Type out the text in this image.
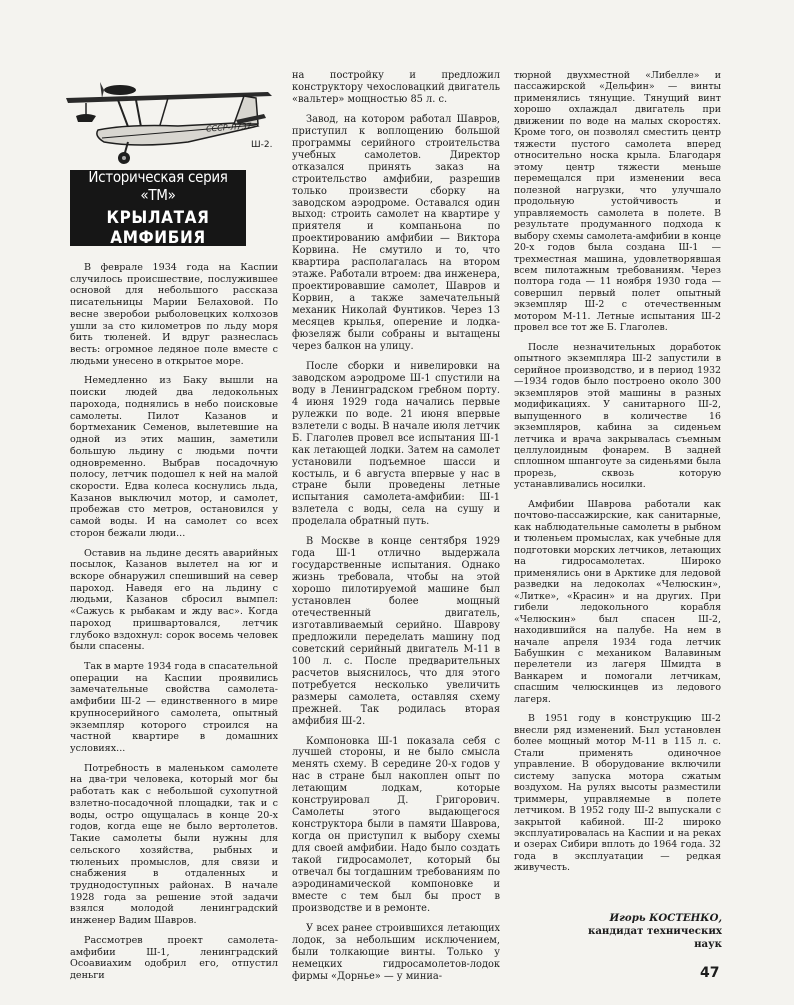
СССР-Л737
Ш-2.
Историческая серия «ТМ»
КРЫЛАТАЯ АМФИБИЯ

В феврале 1934 года на Каспии случилось происшествие, послужившее основой для небольшого рассказа писательницы Марии Белаховой. По весне зверобои рыболовецких колхозов ушли за сто километров по льду моря бить тюленей. И вдруг разнеслась весть: огромное ледяное поле вместе с людьми унесено в открытое море.

Немедленно из Баку вышли на поиски людей два ледокольных парохода, поднялись в небо поисковые самолеты. Пилот Казанов и бортмеханик Семенов, вылетевшие на одной из этих машин, заметили большую льдину с людьми почти одновременно. Выбрав посадочную полосу, летчик подошел к ней на малой скорости. Едва колеса коснулись льда, Казанов выключил мотор, и самолет, пробежав сто метров, остановился у самой воды. И на самолет со всех сторон бежали люди...

Оставив на льдине десять аварийных посылок, Казанов вылетел на юг и вскоре обнаружил спешивший на север пароход. Наведя его на льдину с людьми, Казанов сбросил вымпел: «Сажусь к рыбакам и жду вас». Когда пароход пришвартовался, летчик глубоко вздохнул: сорок восемь человек были спасены.

Так в марте 1934 года в спасательной операции на Каспии проявились замечательные свойства самолета-амфибии Ш-2 — единственного в мире крупносерийного самолета, опытный экземпляр которого строился на частной квартире в домашних условиях...

Потребность в маленьком самолете на два-три человека, который мог бы работать как с небольшой сухопутной взлетно-посадочной площадки, так и с воды, остро ощущалась в конце 20-х годов, когда еще не было вертолетов. Такие самолеты были нужны для сельского хозяйства, рыбных и тюленьих промыслов, для связи и снабжения в отдаленных и труднодоступных районах. В начале 1928 года за решение этой задачи взялся молодой ленинградский инженер Вадим Шавров.

Рассмотрев проект самолета-амфибии Ш-1, ленинградский Осоавиахим одобрил его, отпустил деньги

на постройку и предложил конструктору чехословацкий двигатель «вальтер» мощностью 85 л. с.

Завод, на котором работал Шавров, приступил к воплощению большой программы серийного строительства учебных самолетов. Директор отказался принять заказ на строительство амфибии, разрешив только произвести сборку на заводском аэродроме. Оставался один выход: строить самолет на квартире у приятеля и компаньона по проектированию амфибии — Виктора Корвина. Не смутило и то, что квартира располагалась на втором этаже. Работали втроем: два инженера, проектировавшие самолет, Шавров и Корвин, а также замечательный механик Николай Фунтиков. Через 13 месяцев крылья, оперение и лодка-фюзеляж были собраны и вытащены через балкон на улицу.

После сборки и нивелировки на заводском аэродроме Ш-1 спустили на воду в Ленинградском гребном порту. 4 июня 1929 года начались первые рулежки по воде. 21 июня впервые взлетели с воды. В начале июля летчик Б. Глаголев провел все испытания Ш-1 как летающей лодки. Затем на самолет установили подъемное шасси и костыль, и 6 августа впервые у нас в стране были проведены летные испытания самолета-амфибии: Ш-1 взлетела с воды, села на сушу и проделала обратный путь.

В Москве в конце сентября 1929 года Ш-1 отлично выдержала государственные испытания. Однако жизнь требовала, чтобы на этой хорошо пилотируемой машине был установлен более мощный отечественный двигатель, изготавливаемый серийно. Шаврову предложили переделать машину под советский серийный двигатель М-11 в 100 л. с. После предварительных расчетов выяснилось, что для этого потребуется несколько увеличить размеры самолета, оставляя схему прежней. Так родилась вторая амфибия Ш-2.

Компоновка Ш-1 показала себя с лучшей стороны, и не было смысла менять схему. В середине 20-х годов у нас в стране был накоплен опыт по летающим лодкам, которые конструировал Д. Григорович. Самолеты этого выдающегося конструктора были в памяти Шаврова, когда он приступил к выбору схемы для своей амфибии. Надо было создать такой гидросамолет, который бы отвечал бы тогдашним требованиям по аэродинамической компоновке и вместе с тем был бы прост в производстве и в ремонте.

У всех ранее строившихся летающих лодок, за небольшим исключением, были толкающие винты. Только у немецких гидросамолетов-лодок фирмы «Дорнье» — у миниа-

тюрной двухместной «Либелле» и пассажирской «Дельфин» — винты применялись тянущие. Тянущий винт хорошо охлаждал двигатель при движении по воде на малых скоростях. Кроме того, он позволял сместить центр тяжести пустого самолета вперед относительно носка крыла. Благодаря этому центр тяжести меньше перемещался при изменении веса полезной нагрузки, что улучшало продольную устойчивость и управляемость самолета в полете. В результате продуманного подхода к выбору схемы самолета-амфибии в конце 20-х годов была создана Ш-1 — трехместная машина, удовлетворявшая всем пилотажным требованиям. Через полтора года — 11 ноября 1930 года — совершил первый полет опытный экземпляр Ш-2 с отечественным мотором М-11. Летные испытания Ш-2 провел все тот же Б. Глаголев.

После незначительных доработок опытного экземпляра Ш-2 запустили в серийное производство, и в период 1932—1934 годов было построено около 300 экземпляров этой машины в разных модификациях. У санитарного Ш-2, выпущенного в количестве 16 экземпляров, кабина за сиденьем летчика и врача закрывалась съемным целлулоидным фонарем. В задней сплошном шпангоуте за сиденьями была прорезь, сквозь которую устанавливались носилки.

Амфибии Шаврова работали как почтово-пассажирские, как санитарные, как наблюдательные самолеты в рыбном и тюленьем промыслах, как учебные для подготовки морских летчиков, летающих на гидросамолетах. Широко применялись они в Арктике для ледовой разведки на ледоколах «Челюскин», «Литке», «Красин» и на других. При гибели ледокольного корабля «Челюскин» был спасен Ш-2, находившийся на палубе. На нем в начале апреля 1934 года летчик Бабушкин с механиком Валавиным перелетели из лагеря Шмидта в Ванкарем и помогали летчикам, спасшим челюскинцев из ледового лагеря.

В 1951 году в конструкцию Ш-2 внесли ряд изменений. Был установлен более мощный мотор М-11 в 115 л. с. Стали применять одиночное управление. В оборудование включили систему запуска мотора сжатым воздухом. На рулях высоты разместили триммеры, управляемые в полете летчиком. В 1952 году Ш-2 выпускали с закрытой кабиной. Ш-2 широко эксплуатировалась на Каспии и на реках и озерах Сибири вплоть до 1964 года. 32 года в эксплуатации — редкая живучесть.

Игорь КОСТЕНКО,
кандидат технических наук
47
